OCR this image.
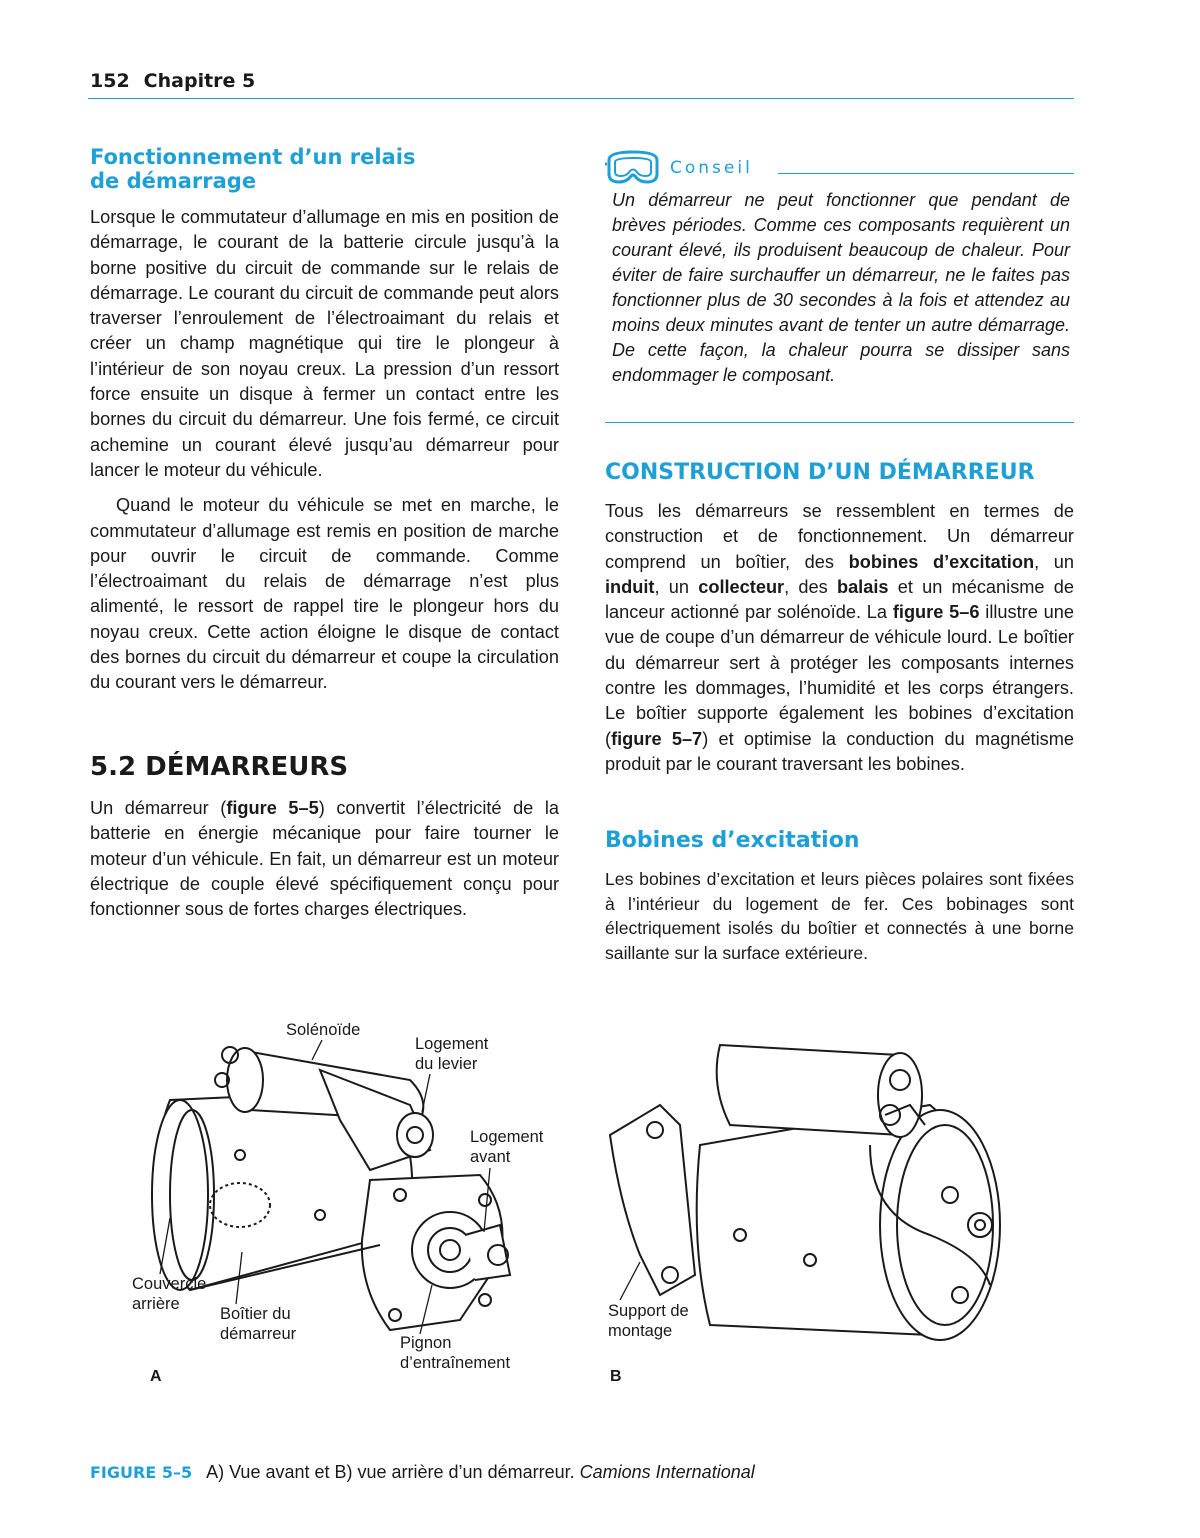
152 Chapitre 5
Fonctionnement d’un relais
de démarrage

Lorsque le commutateur d’allumage en mis en position de démarrage, le courant de la batterie circule jusqu’à la borne positive du circuit de commande sur le relais de démarrage. Le courant du circuit de commande peut alors traverser l’enroulement de l’électroaimant du relais et créer un champ magnétique qui tire le plongeur à l’intérieur de son noyau creux. La pression d’un ressort force ensuite un disque à fermer un contact entre les bornes du circuit du démarreur. Une fois fermé, ce circuit achemine un courant élevé jusqu’au démarreur pour lancer le moteur du véhicule.

Quand le moteur du véhicule se met en marche, le commutateur d’allumage est remis en position de marche pour ouvrir le circuit de commande. Comme l’électroaimant du relais de démarrage n’est plus alimenté, le ressort de rappel tire le plongeur hors du noyau creux. Cette action éloigne le disque de contact des bornes du circuit du démarreur et coupe la circulation du courant vers le démarreur.

5.2 DÉMARREURS

Un démarreur (figure 5–5) convertit l’électricité de la batterie en énergie mécanique pour faire tourner le moteur d’un véhicule. En fait, un démarreur est un moteur électrique de couple élevé spécifiquement conçu pour fonctionner sous de fortes charges électriques.

Conseil

Un démarreur ne peut fonctionner que pendant de brèves périodes. Comme ces composants requièrent un courant élevé, ils produisent beaucoup de chaleur. Pour éviter de faire surchauffer un démarreur, ne le faites pas fonctionner plus de 30 secondes à la fois et attendez au moins deux minutes avant de tenter un autre démarrage. De cette façon, la chaleur pourra se dissiper sans endommager le composant.

CONSTRUCTION D’UN DÉMARREUR

Tous les démarreurs se ressemblent en termes de construction et de fonctionnement. Un démarreur comprend un boîtier, des bobines d’excitation, un induit, un collecteur, des balais et un mécanisme de lanceur actionné par solénoïde. La figure 5–6 illustre une vue de coupe d’un démarreur de véhicule lourd. Le boîtier du démarreur sert à protéger les composants internes contre les dommages, l’humidité et les corps étrangers. Le boîtier supporte également les bobines d’excitation (figure 5–7) et optimise la conduction du magnétisme produit par le courant traversant les bobines.

Bobines d’excitation

Les bobines d’excitation et leurs pièces polaires sont fixées à l’intérieur du logement de fer. Ces bobinages sont électriquement isolés du boîtier et connectés à une borne saillante sur la surface extérieure.

Solénoïde
Logement
du levier
Logement
avant
Couvercle
arrière
Boîtier du
démarreur	Pignon
d’entraînement
A
Support de
montage
B
FIGURE 5–5 A) Vue avant et B) vue arrière d’un démarreur. Camions International
